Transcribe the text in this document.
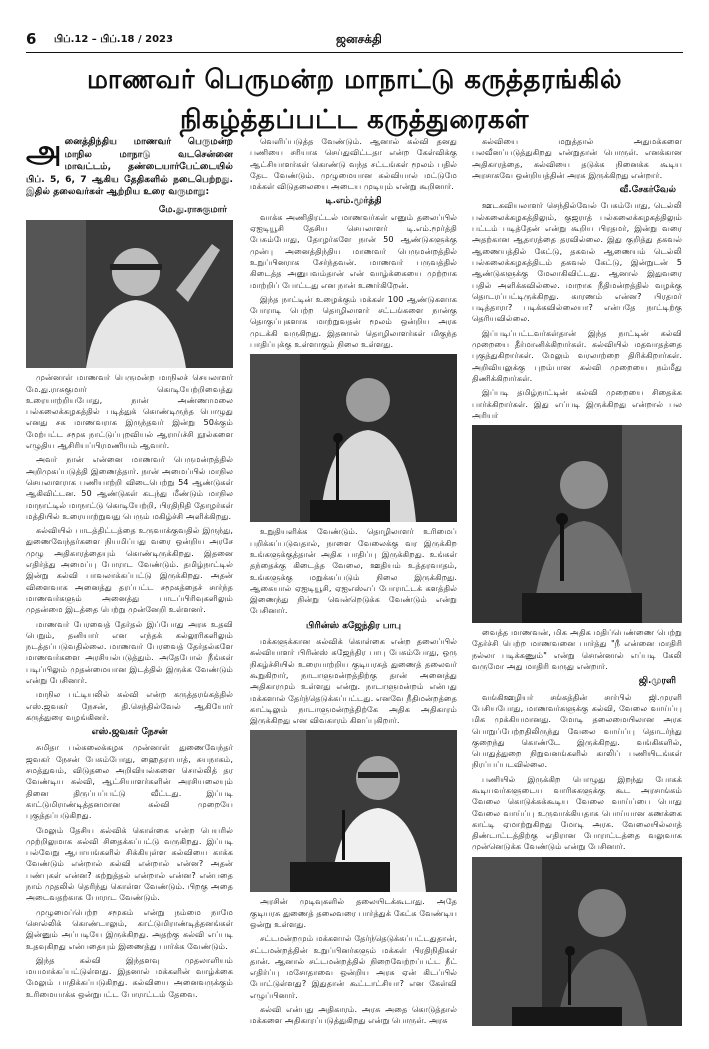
6 பிப்.12 – பிப்.18 / 2023	ஜனசக்தி
மாணவர் பெருமன்ற மாநாட்டு கருத்தரங்கில்
நிகழ்த்தப்பட்ட கருத்துரைகள்
அனைத்திந்திய மாணவர் பெருமன்ற மாநில மாநாடு வடசென்னை மாவட்டம், தண்டையார்பேட்டையில் பிப். 5, 6, 7 ஆகிய தேதிகளில் நடைபெற்றது. இதில் தலைவர்கள் ஆற்றிய உரை வருமாறு:
மே.து.ராசுகுமார்

முன்னாள் மாணவர் பெருமன்ற மாநிலச் செயலாளர் மே.து.ராசுகுமார் கொடியேற்றிவைத்து உரையாற்றியபோது, நான் அண்ணாமலை பல்கலைக்கழகத்தில் படித்துக் கொண்டிருந்த பொழுது எனது சக மாணவராக இருந்தவர் இன்று 50க்கும் மேற்பட்ட சமூக நாட்டுப்புறவியல் ஆராய்ச்சி நூல்களை எழுதிய ஆசிரியப்பிரமணியம் ஆவார்.

அவர் நான் என்னை மாணவர் பெருமன்றத்தில் அறிமுகப்படுத்தி இணைத்தார். நான் அமைப்பில் மாநில செயலாளராக பணியாற்றி விடைபெற்று 54 ஆண்டுகள் ஆகிவிட்டன. 50 ஆண்டுகள் கடந்து மீண்டும் மாநில மாநாட்டில் மாநாட்டு கொடியேற்றி, பிரதிநிதி தோழர்கள் மத்தியில் உரையாற்றுவது பெரும் மகிழ்ச்சி அளிக்கிறது.

கல்வியில் பாடத்திட்டத்தை உருவாக்குவதில் இருந்து, துணைவேந்தர்களை நியமிப்பது வரை ஒன்றிய அரசே முழு அதிகாரத்தையும் கொண்டிருக்கிறது. இதனை எதிர்த்து அமைப்பு போராட வேண்டும். தமிழ்நாட்டில் இன்று கல்வி பாவலாக்கப்பட்டு இருக்கிறது. அதன் விளைவாக அனைத்து தரப்பட்ட சமூகத்தைச் சார்ந்த மாணவர்களும் அனைத்து பாடப்பிரிவுகளிலும் முதன்மை இடத்தை பெற்று முன்னேறி உள்ளனர்.

மாணவர் பேரவைத் தேர்தல் இப்போது அரசு உதவி பெறும், தனியார் என எந்தக் கல்லூரிகளிலும் நடத்தப்படுவதில்லை. மாணவர் பேரவைத் தேர்தல்களே மாணவர்களை அரசியல்படுத்தும். அதேபோல் நீங்கள் படிப்பிலும் முதன்மையான இடத்தில் இருக்க வேண்டும் என்று பேசினார்.

மாநில பட்டியலில் கல்வி என்ற கருத்தரங்கத்தில் எஸ்.ஜவகர் நேசன், தி.செந்தில்வேல் ஆகியோர் கருத்துரை வழங்கினர்.

எஸ்.ஜவகர் நேசன்

சுமிதா பல்கலைக்கழக முன்னாள் துணைவேந்தர் ஜவகர் நேசன் பேசும்போது, ஹைதராபாத், சுயநாகம், சமத்துவம், விடுதலை அறிவியல்களை சொல்லித் தர வேண்டிய கல்வி, ஆட்சியாளர்களின் அரசியலையும் தினை திருப்பப்பட்டு வீட்டது. இப்படி காட்டுமிராண்டித்தனமான கல்வி முறையே புகுத்தப்படுகிறது.

மேலும் தேசிய கல்விக் கொள்கை என்ற பெயரில் முற்றிலுமாக கல்வி சிதைக்கப்பட்டு வருகிறது. இப்படி பல்வேறு ஆபாயங்களில் சிக்கியுள்ள கல்வியை காக்க வேண்டும் என்றால் கல்வி என்றால் என்ன? அதன் பண்புகள் என்ன? கற்றுத்தல் என்றால் என்ன? என்பதை நாம் முதலில் தெரிந்து கொள்ள வேண்டும். பிறகு அதை அடைவதற்காக போராட வேண்டும்.

முழுமைப்பெற்ற சமூகம் என்று நம்மை நாமே சொல்லிக் கொண்டாலும், காட்டுமிராண்டித்தனங்கள் இன்னும் அப்படியே இருக்கிறது. அதற்கு கல்வி எப்படி உதவுகிறது என்பதையும் இணைத்து பார்க்க வேண்டும்.

இந்த கல்வி இந்தளவு முதலாளியம் மயமாக்கப்பட்டுள்ளது. இதனால் மக்களின் வாழ்க்கை மேலும் பாதிக்கப்படுகிறது. கல்வியை அனைவருக்கும் உரிமையாக்க ஒன்றுபட்ட போராட்டம் தேவை.

வெளிப்படுத்த வேண்டும். ஆனால் கல்வி தனது பணியை சரியாக செய்துவிட்டதா என்ற கேள்விக்கு ஆட்சியாளர்கள் கொண்டு வந்த சட்டங்கள் மூலம் பதில் தேட வேண்டும். முழுமையான கல்வியால் மட்டுமே மக்கள் விடுதலையை அடைய முடியும் என்று கூறினார்.

டி.எம்.மூர்த்தி

வாக்க அணிதிரட்டல் மாணவர்கள் எனும் தலைப்பில் ஏஐடியூசி தேசிய செயலாளர் டி.எம்.மூர்த்தி பேசும்போது, தோழர்களே நான் 50 ஆண்டுகளுக்கு முன்பு அனைத்திந்திய மாணவர் பெருமன்றத்தில் உறுப்பினராக சேர்ந்தவன். மாணவர் பருவத்தில் கிடைத்த அனுபவம்தான் என் வாழ்க்கையை முற்றாக மாற்றிப் போட்டது என நான் உணர்கிறேன்.

இந்த நாட்டின் உழைக்கும் மக்கள் 100 ஆண்டுகளாக போராடி பெற்ற தொழிலாளர் சட்டங்களை நான்கு தொகுப்புகளாக மாற்றுவதன் மூலம் ஒன்றிய அரசு முடக்கி வருகிறது. இதனால் தொழிலாளர்கள் மிகுந்த பாதிப்புக்கு உள்ளாகும் நிலை உள்ளது.

உறுதியளிக்க வேண்டும். தொழிலாளர் உரிமைப் பறிக்கப்படுவதால், நாளை வேலைக்கு வர இருக்கிற உங்களுக்குத்தான் அதிக பாதிப்பு இருக்கிறது. உங்கள் தந்தைக்கு கிடைத்த வேலை, ஊதியம் உத்தரவாதம், உங்களுக்கு மறுக்கப்படும் நிலை இருக்கிறது. ஆகையால் ஏஐடியூசி, ஏஐஎஸ்எப் போராட்டக் களத்தில் இணைந்து நின்று வென்றெடுக்க வேண்டும் என்று பேசினார்.

பிரின்ஸ் கஜேந்திர பாபு

மக்களுக்கான கல்விக் கொள்கை என்ற தலைப்பில் கல்வியாளர் பிரின்ஸ் கஜேந்திர பாபு பேசும்போது, ஒரு நிகழ்ச்சியில் உரையாற்றிய குடியரசுத் துணைத் தலைவர் கூறுகிறார், நாடாளுமன்றத்திற்கு தான் அனைத்து அதிகாரமும் உள்ளது என்று. நாடாளுமன்றம் என்பது மக்களால் தேர்ந்தெடுக்கப்பட்டது. எனவே நீதிமன்றத்தை காட்டிலும் நாடாளுமன்றத்திற்கே அதிக அதிகாரம் இருக்கிறது என விவகாரம் கிளப்புகிறார்.

அரசின் முடிவுகளில் தலையிடக்கூடாது. அதே குடியரசு துணைத் தலைவரை பார்த்துக் கேட்க வேண்டிய ஒன்று உள்ளது.

சட்டமன்றமும் மக்களால் தேர்ந்தெடுக்கப்பட்டதுதான், சட்டமன்றத்தின் உறுப்பினர்களும் மக்கள் பிரதிநிதிகள் தான். ஆனால் சட்டமன்றத்தில் நிறைவேற்றப்பட்ட நீட் எதிர்ப்பு மசோதாவை ஒன்றிய அரசு ஏன் கிடப்பில் போட்டுள்ளது? இதுதான் கூட்டாட்சியா? என கேள்வி எழுப்பினார்.

கல்வி என்பது அதிகாரம். அரசு அதை கொடுத்தால் மக்களை அதிகாரப்படுத்துகிறது என்று பொருள். அரசு

கல்வியை மறுத்தால் அதுமக்களை பலவீனப்படுத்துகிறது என்றுதான் பொருள். எனக்கான அதிகாரத்தை, கல்வியை தடுக்க நினைக்க கூடிய அரசாகவே ஒன்றியத்தின் அரசு இருக்கிறது என்றார்.

வீ.சேகர்வேல்

ஊடகவியலாளர் செந்தில்வேல் பேசும்போது, டெல்லி பல்கலைக்கழகத்திலும், குஜராத் பல்கலைக்கழகத்திலும் பட்டம் படித்தேன் என்று கூறிய பிரதமர், இன்று வரை அதற்கான ஆதாரத்தை தரவில்லை. இது குறித்து தகவல் ஆணையத்தில் கேட்டு, தகவல் ஆணையம் டெல்லி பல்கலைக்கழகத்திடம் தகவல் கேட்டு, இன்றுடன் 5 ஆண்டுகளுக்கு மேலாகிவிட்டது. ஆனால் இதுவரை பதில் அளிக்கவில்லை. மாறாக நீதிமன்றத்தில் வழக்கு தொடரப்பட்டிருக்கிறது. காரணம் என்ன? பிரதமர் படித்தாரா? படிக்கவில்லையா? என்பதே நாட்டிற்கு தெரியவில்லை.

இப்படிப்பட்டவர்கள்தான் இந்த நாட்டின் கல்வி முறையை தீர்மானிக்கிறார்கள். கல்வியில் மதவாதத்தை புகுத்துகிறார்கள். மேலும் வரலாற்றை திரிக்கிறார்கள். அறிவியலுக்கு புறம்பான கல்வி முறையை நம்மீது திணிக்கிறார்கள்.

இப்படி தமிழ்நாட்டின் கல்வி முறையை சிதைக்க பார்க்கிறார்கள். இது எப்படி இருக்கிறது என்றால் பல அரியர்

வைத்த மாணவன், மிக அதிக மதிப்பெண்ணை பெற்று தேர்ச்சி பெற்ற மாணவனை பார்த்து "நீ என்னை மாதிரி நல்லா படிக்கணும்" என்று சொன்னால் எப்படி கேலி வருமோ அது மாதிரி வருது என்றார்.

ஜி.முரளி

வங்கிஊழியர் சங்கத்தின் சார்பில் ஜி.முரளி பேசியபோது, மாணவர்களுக்கு கல்வி, வேலை வாய்ப்பு மிக முக்கியமானது. மோடி தலைமையிலான அரசு பொறுப்பேற்றதிலிருந்து வேலை வாய்ப்பு தொடர்ந்து குறைந்து கொண்டே இருக்கிறது. வங்கிகளில், பொதுத்துறை நிறுவனங்களில் காலிப் பணியிடங்கள் நிரப்பப்படவில்லை.

பணியில் இருக்கிற பொழுது இறந்து போகக் கூடியவர்களுடைய வாரிசுகளுக்கு கூட அரசாங்கம் வேலை கொடுக்கக்கூடிய வேலை வாய்ப்பை பொது வேலை வாய்ப்பு உருவாக்கியதாக பொய்யான கணக்கை காட்டி ஏமாற்றுகிறது மோடி அரசு. வேலையில்லாத் திண்டாட்டத்திற்கு எதிரான போராட்டத்தை வலுவாக முன்னெடுக்க வேண்டும் என்று பேசினார்.
